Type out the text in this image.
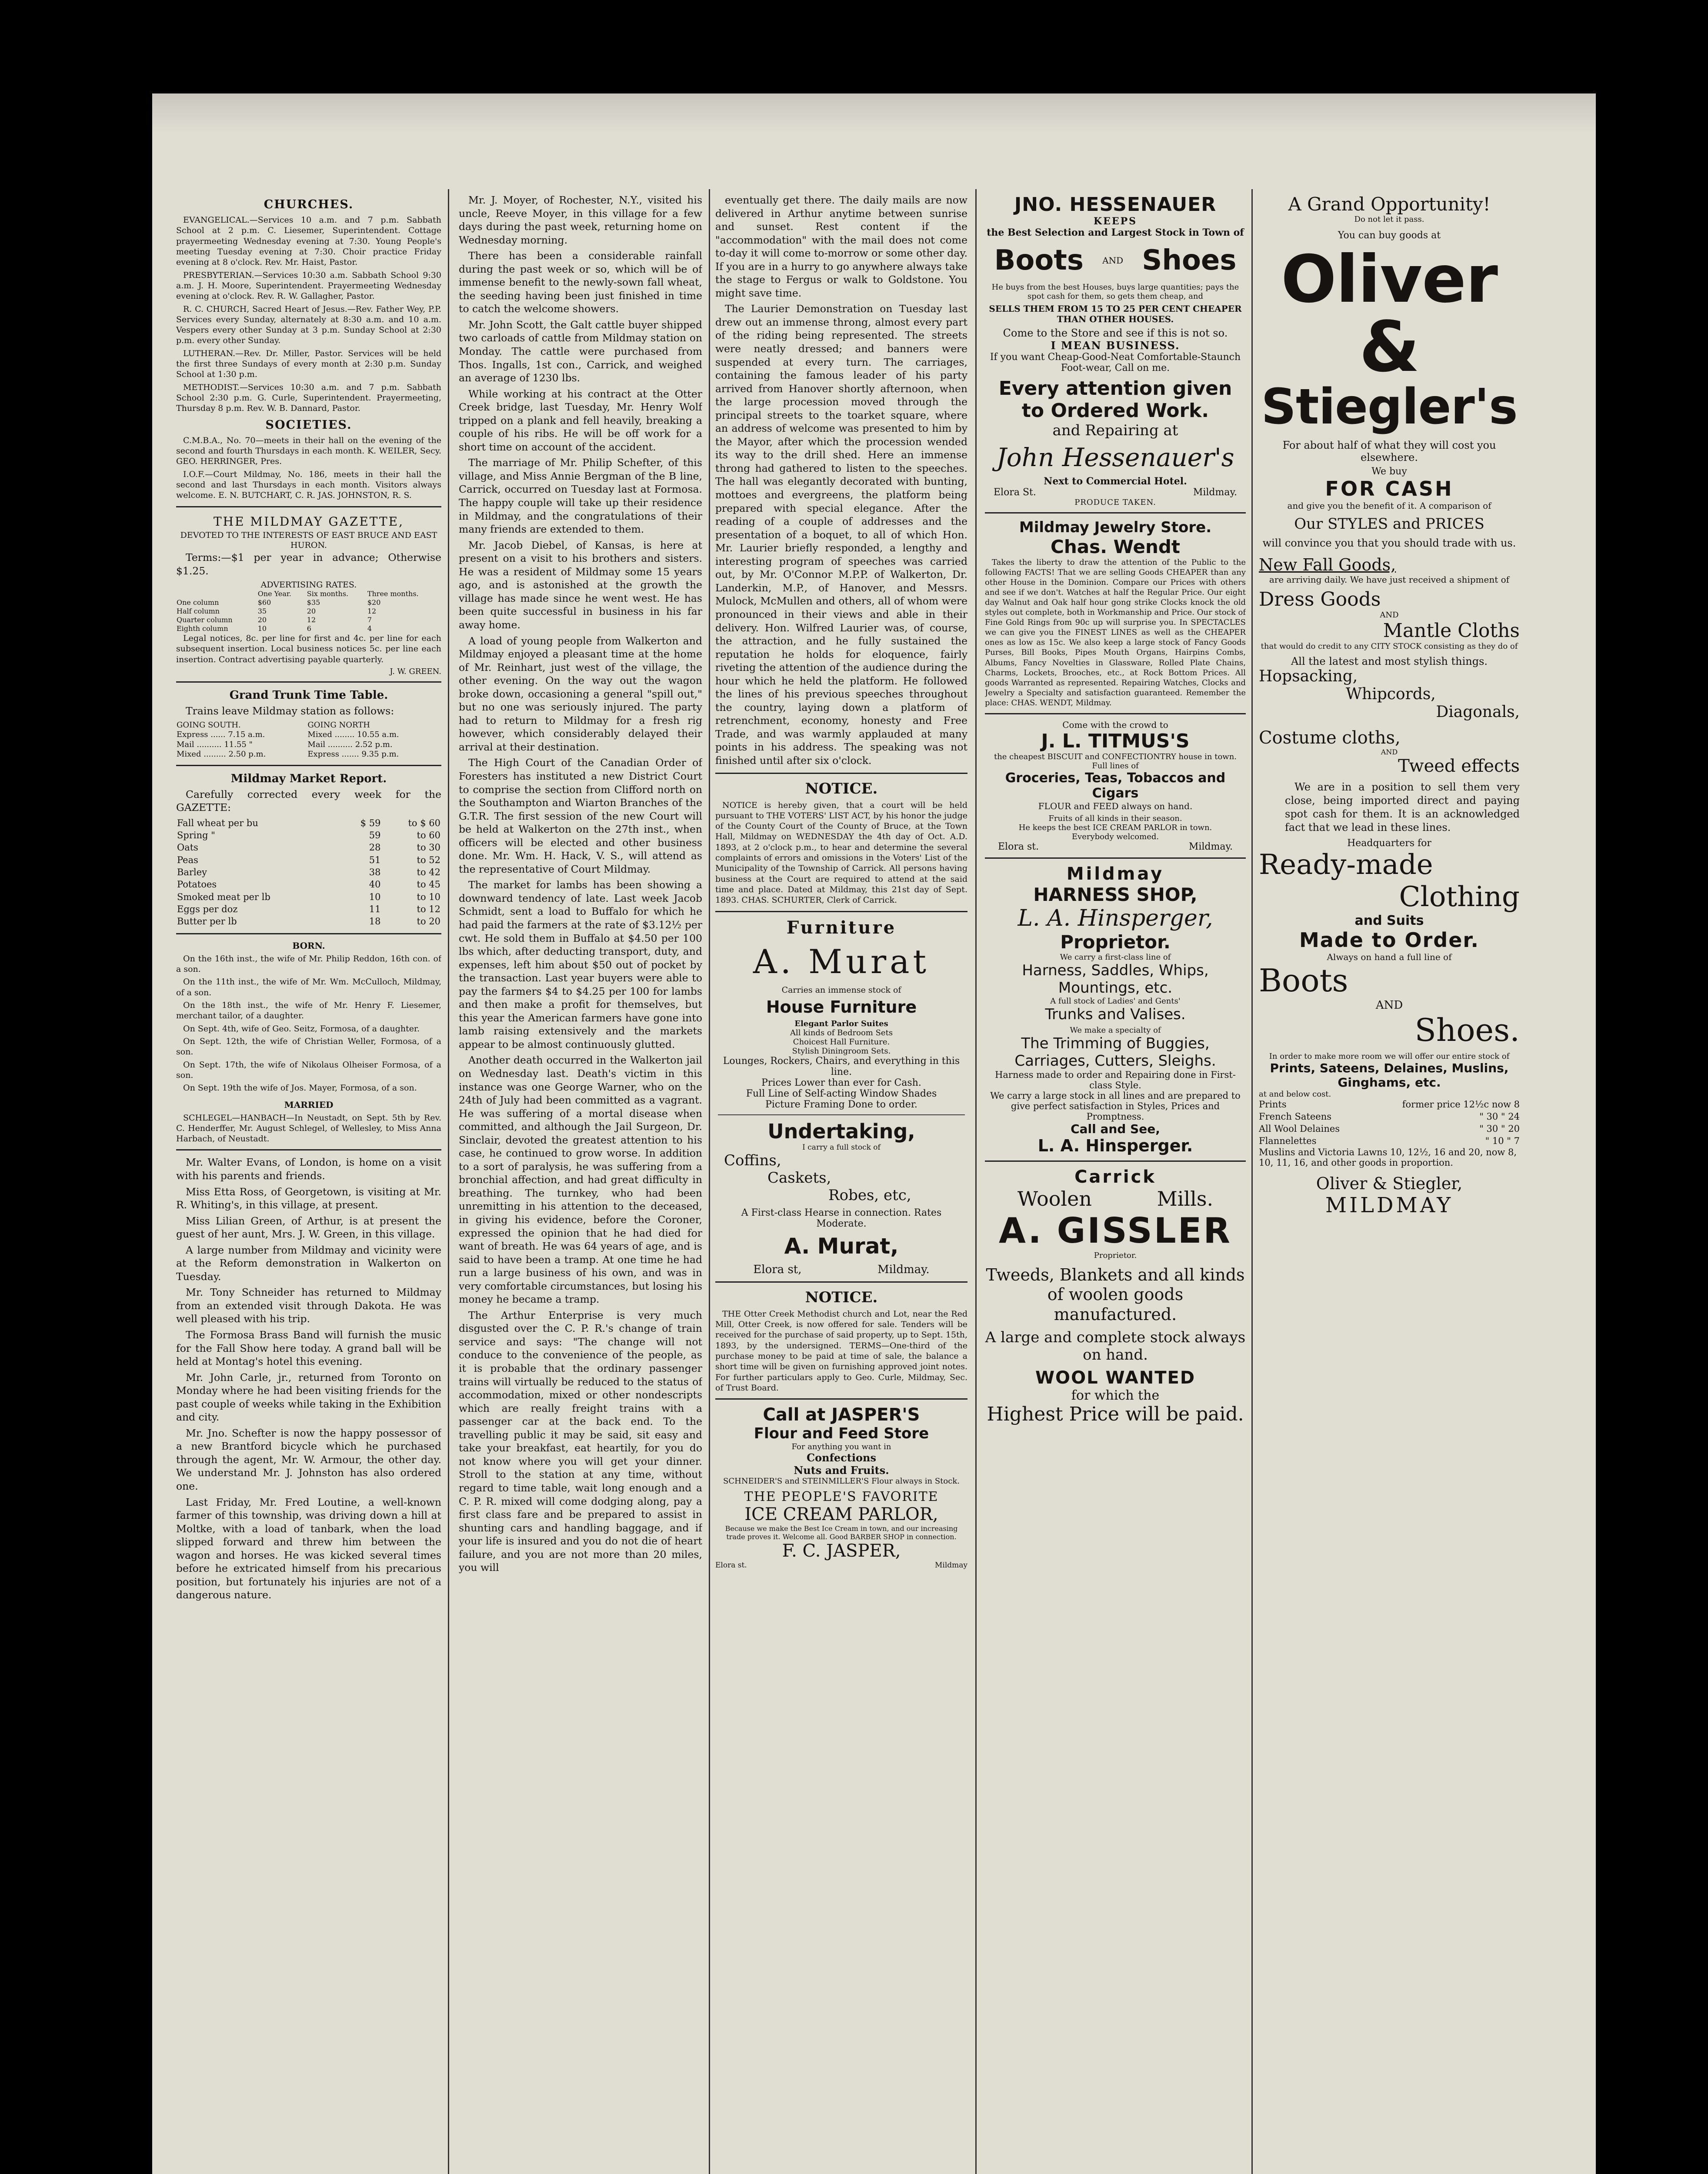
CHURCHES.

EVANGELICAL.—Services 10 a.m. and 7 p.m. Sabbath School at 2 p.m. C. Liesemer, Superintendent. Cottage prayermeeting Wednesday evening at 7:30. Young People's meeting Tuesday evening at 7:30. Choir practice Friday evening at 8 o'clock. Rev. Mr. Haist, Pastor.

PRESBYTERIAN.—Services 10:30 a.m. Sabbath School 9:30 a.m. J. H. Moore, Superintendent. Prayermeeting Wednesday evening at o'clock. Rev. R. W. Gallagher, Pastor.

R. C. CHURCH, Sacred Heart of Jesus.—Rev. Father Wey, P.P. Services every Sunday, alternately at 8:30 a.m. and 10 a.m. Vespers every other Sunday at 3 p.m. Sunday School at 2:30 p.m. every other Sunday.

LUTHERAN.—Rev. Dr. Miller, Pastor. Services will be held the first three Sundays of every month at 2:30 p.m. Sunday School at 1:30 p.m.

METHODIST.—Services 10:30 a.m. and 7 p.m. Sabbath School 2:30 p.m. G. Curle, Superintendent. Prayermeeting, Thursday 8 p.m. Rev. W. B. Dannard, Pastor.

SOCIETIES.

C.M.B.A., No. 70—meets in their hall on the evening of the second and fourth Thursdays in each month. K. WEILER, Secy. GEO. HERRINGER, Pres.

I.O.F.—Court Mildmay, No. 186, meets in their hall the second and last Thursdays in each month. Visitors always welcome. E. N. BUTCHART, C. R. JAS. JOHNSTON, R. S.

THE MILDMAY GAZETTE,
DEVOTED TO THE INTERESTS OF EAST BRUCE AND EAST HURON.

Terms:—$1 per year in advance; Otherwise $1.25.

ADVERTISING RATES.
	One Year.	Six months.	Three months.
One column	$60	$35	$20
Half column	35	20	12
Quarter column	20	12	7
Eighth column	10	6	4

Legal notices, 8c. per line for first and 4c. per line for each subsequent insertion. Local business notices 5c. per line each insertion. Contract advertising payable quarterly.

J. W. GREEN.
Grand Trunk Time Table.

Trains leave Mildmay station as follows:

GOING SOUTH.	GOING NORTH
Express ...... 7.15 a.m.	Mixed ........ 10.55 a.m.
Mail .......... 11.55 "	Mail .......... 2.52 p.m.
Mixed ......... 2.50 p.m.	Express ....... 9.35 p.m.
Mildmay Market Report.

Carefully corrected every week for the GAZETTE:

Fall wheat per bu	$ 59	to $ 60
Spring "	59	to 60
Oats	28	to 30
Peas	51	to 52
Barley	38	to 42
Potatoes	40	to 45
Smoked meat per lb	10	to 10
Eggs per doz	11	to 12
Butter per lb	18	to 20
BORN.

On the 16th inst., the wife of Mr. Philip Reddon, 16th con. of a son.

On the 11th inst., the wife of Mr. Wm. McCulloch, Mildmay, of a son.

On the 18th inst., the wife of Mr. Henry F. Liesemer, merchant tailor, of a daughter.

On Sept. 4th, wife of Geo. Seitz, Formosa, of a daughter.

On Sept. 12th, the wife of Christian Weller, Formosa, of a son.

On Sept. 17th, the wife of Nikolaus Olheiser Formosa, of a son.

On Sept. 19th the wife of Jos. Mayer, Formosa, of a son.

MARRIED

SCHLEGEL—HANBACH—In Neustadt, on Sept. 5th by Rev. C. Henderffer, Mr. August Schlegel, of Wellesley, to Miss Anna Harbach, of Neustadt.

Mr. Walter Evans, of London, is home on a visit with his parents and friends.

Miss Etta Ross, of Georgetown, is visiting at Mr. R. Whiting's, in this village, at present.

Miss Lilian Green, of Arthur, is at present the guest of her aunt, Mrs. J. W. Green, in this village.

A large number from Mildmay and vicinity were at the Reform demonstration in Walkerton on Tuesday.

Mr. Tony Schneider has returned to Mildmay from an extended visit through Dakota. He was well pleased with his trip.

The Formosa Brass Band will furnish the music for the Fall Show here today. A grand ball will be held at Montag's hotel this evening.

Mr. John Carle, jr., returned from Toronto on Monday where he had been visiting friends for the past couple of weeks while taking in the Exhibition and city.

Mr. Jno. Schefter is now the happy possessor of a new Brantford bicycle which he purchased through the agent, Mr. W. Armour, the other day. We understand Mr. J. Johnston has also ordered one.

Last Friday, Mr. Fred Loutine, a well-known farmer of this township, was driving down a hill at Moltke, with a load of tanbark, when the load slipped forward and threw him between the wagon and horses. He was kicked several times before he extricated himself from his precarious position, but fortunately his injuries are not of a dangerous nature.

Mr. J. Moyer, of Rochester, N.Y., visited his uncle, Reeve Moyer, in this village for a few days during the past week, returning home on Wednesday morning.

There has been a considerable rainfall during the past week or so, which will be of immense benefit to the newly-sown fall wheat, the seeding having been just finished in time to catch the welcome showers.

Mr. John Scott, the Galt cattle buyer shipped two carloads of cattle from Mildmay station on Monday. The cattle were purchased from Thos. Ingalls, 1st con., Carrick, and weighed an average of 1230 lbs.

While working at his contract at the Otter Creek bridge, last Tuesday, Mr. Henry Wolf tripped on a plank and fell heavily, breaking a couple of his ribs. He will be off work for a short time on account of the accident.

The marriage of Mr. Philip Schefter, of this village, and Miss Annie Bergman of the B line, Carrick, occurred on Tuesday last at Formosa. The happy couple will take up their residence in Mildmay, and the congratulations of their many friends are extended to them.

Mr. Jacob Diebel, of Kansas, is here at present on a visit to his brothers and sisters. He was a resident of Mildmay some 15 years ago, and is astonished at the growth the village has made since he went west. He has been quite successful in business in his far away home.

A load of young people from Walkerton and Mildmay enjoyed a pleasant time at the home of Mr. Reinhart, just west of the village, the other evening. On the way out the wagon broke down, occasioning a general "spill out," but no one was seriously injured. The party had to return to Mildmay for a fresh rig however, which considerably delayed their arrival at their destination.

The High Court of the Canadian Order of Foresters has instituted a new District Court to comprise the section from Clifford north on the Southampton and Wiarton Branches of the G.T.R. The first session of the new Court will be held at Walkerton on the 27th inst., when officers will be elected and other business done. Mr. Wm. H. Hack, V. S., will attend as the representative of Court Mildmay.

The market for lambs has been showing a downward tendency of late. Last week Jacob Schmidt, sent a load to Buffalo for which he had paid the farmers at the rate of $3.12½ per cwt. He sold them in Buffalo at $4.50 per 100 lbs which, after deducting transport, duty, and expenses, left him about $50 out of pocket by the transaction. Last year buyers were able to pay the farmers $4 to $4.25 per 100 for lambs and then make a profit for themselves, but this year the American farmers have gone into lamb raising extensively and the markets appear to be almost continuously glutted.

Another death occurred in the Walkerton jail on Wednesday last. Death's victim in this instance was one George Warner, who on the 24th of July had been committed as a vagrant. He was suffering of a mortal disease when committed, and although the Jail Surgeon, Dr. Sinclair, devoted the greatest attention to his case, he continued to grow worse. In addition to a sort of paralysis, he was suffering from a bronchial affection, and had great difficulty in breathing. The turnkey, who had been unremitting in his attention to the deceased, in giving his evidence, before the Coroner, expressed the opinion that he had died for want of breath. He was 64 years of age, and is said to have been a tramp. At one time he had run a large business of his own, and was in very comfortable circumstances, but losing his money he became a tramp.

The Arthur Enterprise is very much disgusted over the C. P. R.'s change of train service and says: "The change will not conduce to the convenience of the people, as it is probable that the ordinary passenger trains will virtually be reduced to the status of accommodation, mixed or other nondescripts which are really freight trains with a passenger car at the back end. To the travelling public it may be said, sit easy and take your breakfast, eat heartily, for you do not know where you will get your dinner. Stroll to the station at any time, without regard to time table, wait long enough and a C. P. R. mixed will come dodging along, pay a first class fare and be prepared to assist in shunting cars and handling baggage, and if your life is insured and you do not die of heart failure, and you are not more than 20 miles, you will

eventually get there. The daily mails are now delivered in Arthur anytime between sunrise and sunset. Rest content if the "accommodation" with the mail does not come to-day it will come to-morrow or some other day. If you are in a hurry to go anywhere always take the stage to Fergus or walk to Goldstone. You might save time.

The Laurier Demonstration on Tuesday last drew out an immense throng, almost every part of the riding being represented. The streets were neatly dressed; and banners were suspended at every turn. The carriages, containing the famous leader of his party arrived from Hanover shortly afternoon, when the large procession moved through the principal streets to the toarket square, where an address of welcome was presented to him by the Mayor, after which the procession wended its way to the drill shed. Here an immense throng had gathered to listen to the speeches. The hall was elegantly decorated with bunting, mottoes and evergreens, the platform being prepared with special elegance. After the reading of a couple of addresses and the presentation of a boquet, to all of which Hon. Mr. Laurier briefly responded, a lengthy and interesting program of speeches was carried out, by Mr. O'Connor M.P.P. of Walkerton, Dr. Landerkin, M.P., of Hanover, and Messrs. Mulock, McMullen and others, all of whom were pronounced in their views and able in their delivery. Hon. Wilfred Laurier was, of course, the attraction, and he fully sustained the reputation he holds for eloquence, fairly riveting the attention of the audience during the hour which he held the platform. He followed the lines of his previous speeches throughout the country, laying down a platform of retrenchment, economy, honesty and Free Trade, and was warmly applauded at many points in his address. The speaking was not finished until after six o'clock.

NOTICE.

NOTICE is hereby given, that a court will be held pursuant to THE VOTERS' LIST ACT, by his honor the judge of the County Court of the County of Bruce, at the Town Hall, Mildmay on WEDNESDAY the 4th day of Oct. A.D. 1893, at 2 o'clock p.m., to hear and determine the several complaints of errors and omissions in the Voters' List of the Municipality of the Township of Carrick. All persons having business at the Court are required to attend at the said time and place. Dated at Mildmay, this 21st day of Sept. 1893. CHAS. SCHURTER, Clerk of Carrick.

Furniture
A. Murat
Carries an immense stock of
House Furniture
Elegant Parlor Suites
All kinds of Bedroom Sets
Choicest Hall Furniture.
Stylish Diningroom Sets.
Lounges, Rockers, Chairs, and everything in this line.
Prices Lower than ever for Cash.
Full Line of Self-acting Window Shades
Picture Framing Done to order.
Undertaking,
I carry a full stock of
Coffins,
Caskets,
Robes, etc,
A First-class Hearse in connection. Rates Moderate.
A. Murat,
Elora st,	Mildmay.
NOTICE.

THE Otter Creek Methodist church and Lot, near the Red Mill, Otter Creek, is now offered for sale. Tenders will be received for the purchase of said property, up to Sept. 15th, 1893, by the undersigned. TERMS—One-third of the purchase money to be paid at time of sale, the balance a short time will be given on furnishing approved joint notes. For further particulars apply to Geo. Curle, Mildmay, Sec. of Trust Board.

Call at JASPER'S
Flour and Feed Store
For anything you want in
Confections
Nuts and Fruits.
SCHNEIDER'S and STEINMILLER'S Flour always in Stock.
THE PEOPLE'S FAVORITE
ICE CREAM PARLOR,
Because we make the Best Ice Cream in town, and our increasing trade proves it. Welcome all. Good BARBER SHOP in connection.
F. C. JASPER,
Elora st.	Mildmay
JNO. HESSENAUER
KEEPS
the Best Selection and Largest Stock in Town of
Boots AND Shoes
He buys from the best Houses, buys large quantities; pays the spot cash for them, so gets them cheap, and
SELLS THEM FROM 15 TO 25 PER CENT CHEAPER THAN OTHER HOUSES.
Come to the Store and see if this is not so.
I MEAN BUSINESS.
If you want Cheap-Good-Neat Comfortable-Staunch Foot-wear, Call on me.
Every attention given to Ordered Work.
and Repairing at
John Hessenauer's
Next to Commercial Hotel.
Elora St.	Mildmay.
PRODUCE TAKEN.
Mildmay Jewelry Store.
Chas. Wendt

Takes the liberty to draw the attention of the Public to the following FACTS! That we are selling Goods CHEAPER than any other House in the Dominion. Compare our Prices with others and see if we don't. Watches at half the Regular Price. Our eight day Walnut and Oak half hour gong strike Clocks knock the old styles out complete, both in Workmanship and Price. Our stock of Fine Gold Rings from 90c up will surprise you. In SPECTACLES we can give you the FINEST LINES as well as the CHEAPER ones as low as 15c. We also keep a large stock of Fancy Goods Purses, Bill Books, Pipes Mouth Organs, Hairpins Combs, Albums, Fancy Novelties in Glassware, Rolled Plate Chains, Charms, Lockets, Brooches, etc., at Rock Bottom Prices. All goods Warranted as represented. Repairing Watches, Clocks and Jewelry a Specialty and satisfaction guaranteed. Remember the place: CHAS. WENDT, Mildmay.

Come with the crowd to
J. L. TITMUS'S
the cheapest BISCUIT and CONFECTIONTRY house in town.
Full lines of
Groceries, Teas, Tobaccos and Cigars
FLOUR and FEED always on hand.
Fruits of all kinds in their season.
He keeps the best ICE CREAM PARLOR in town.
Everybody welcomed.
Elora st.	Mildmay.
Mildmay
HARNESS SHOP,
L. A. Hinsperger,
Proprietor.
We carry a first-class line of
Harness, Saddles, Whips, Mountings, etc.
A full stock of Ladies' and Gents'
Trunks and Valises.
We make a specialty of
The Trimming of Buggies, Carriages, Cutters, Sleighs.
Harness made to order and Repairing done in First-class Style.
We carry a large stock in all lines and are prepared to give perfect satisfaction in Styles, Prices and Promptness.
Call and See,
L. A. Hinsperger.
Carrick
Woolen	Mills.
A. GISSLER
Proprietor.
Tweeds, Blankets and all kinds of woolen goods manufactured.
A large and complete stock always on hand.
WOOL WANTED
for which the
Highest Price will be paid.
A Grand Opportunity!
Do not let it pass.
You can buy goods at
Oliver
&
Stiegler's
For about half of what they will cost you elsewhere.
We buy
FOR CASH
and give you the benefit of it. A comparison of
Our STYLES and PRICES
will convince you that you should trade with us.
New Fall Goods,
are arriving daily. We have just received a shipment of
Dress Goods
AND
Mantle Cloths
that would do credit to any CITY STOCK consisting as they do of
All the latest and most stylish things.
Hopsacking,
Whipcords,
Diagonals,
Costume cloths,
AND
Tweed effects

We are in a position to sell them very close, being imported direct and paying spot cash for them. It is an acknowledged fact that we lead in these lines.

Headquarters for
Ready-made
Clothing
and Suits
Made to Order.
Always on hand a full line of
Boots
AND
Shoes.
In order to make more room we will offer our entire stock of
Prints, Sateens, Delaines, Muslins, Ginghams, etc.
at and below cost.
Prints	former price 12½c now 8
French Sateens	" 30 " 24
All Wool Delaines	" 30 " 20
Flannelettes	" 10 " 7
Muslins and Victoria Lawns 10, 12½, 16 and 20, now 8, 10, 11, 16, and other goods in proportion.
Oliver & Stiegler,
MILDMAY
